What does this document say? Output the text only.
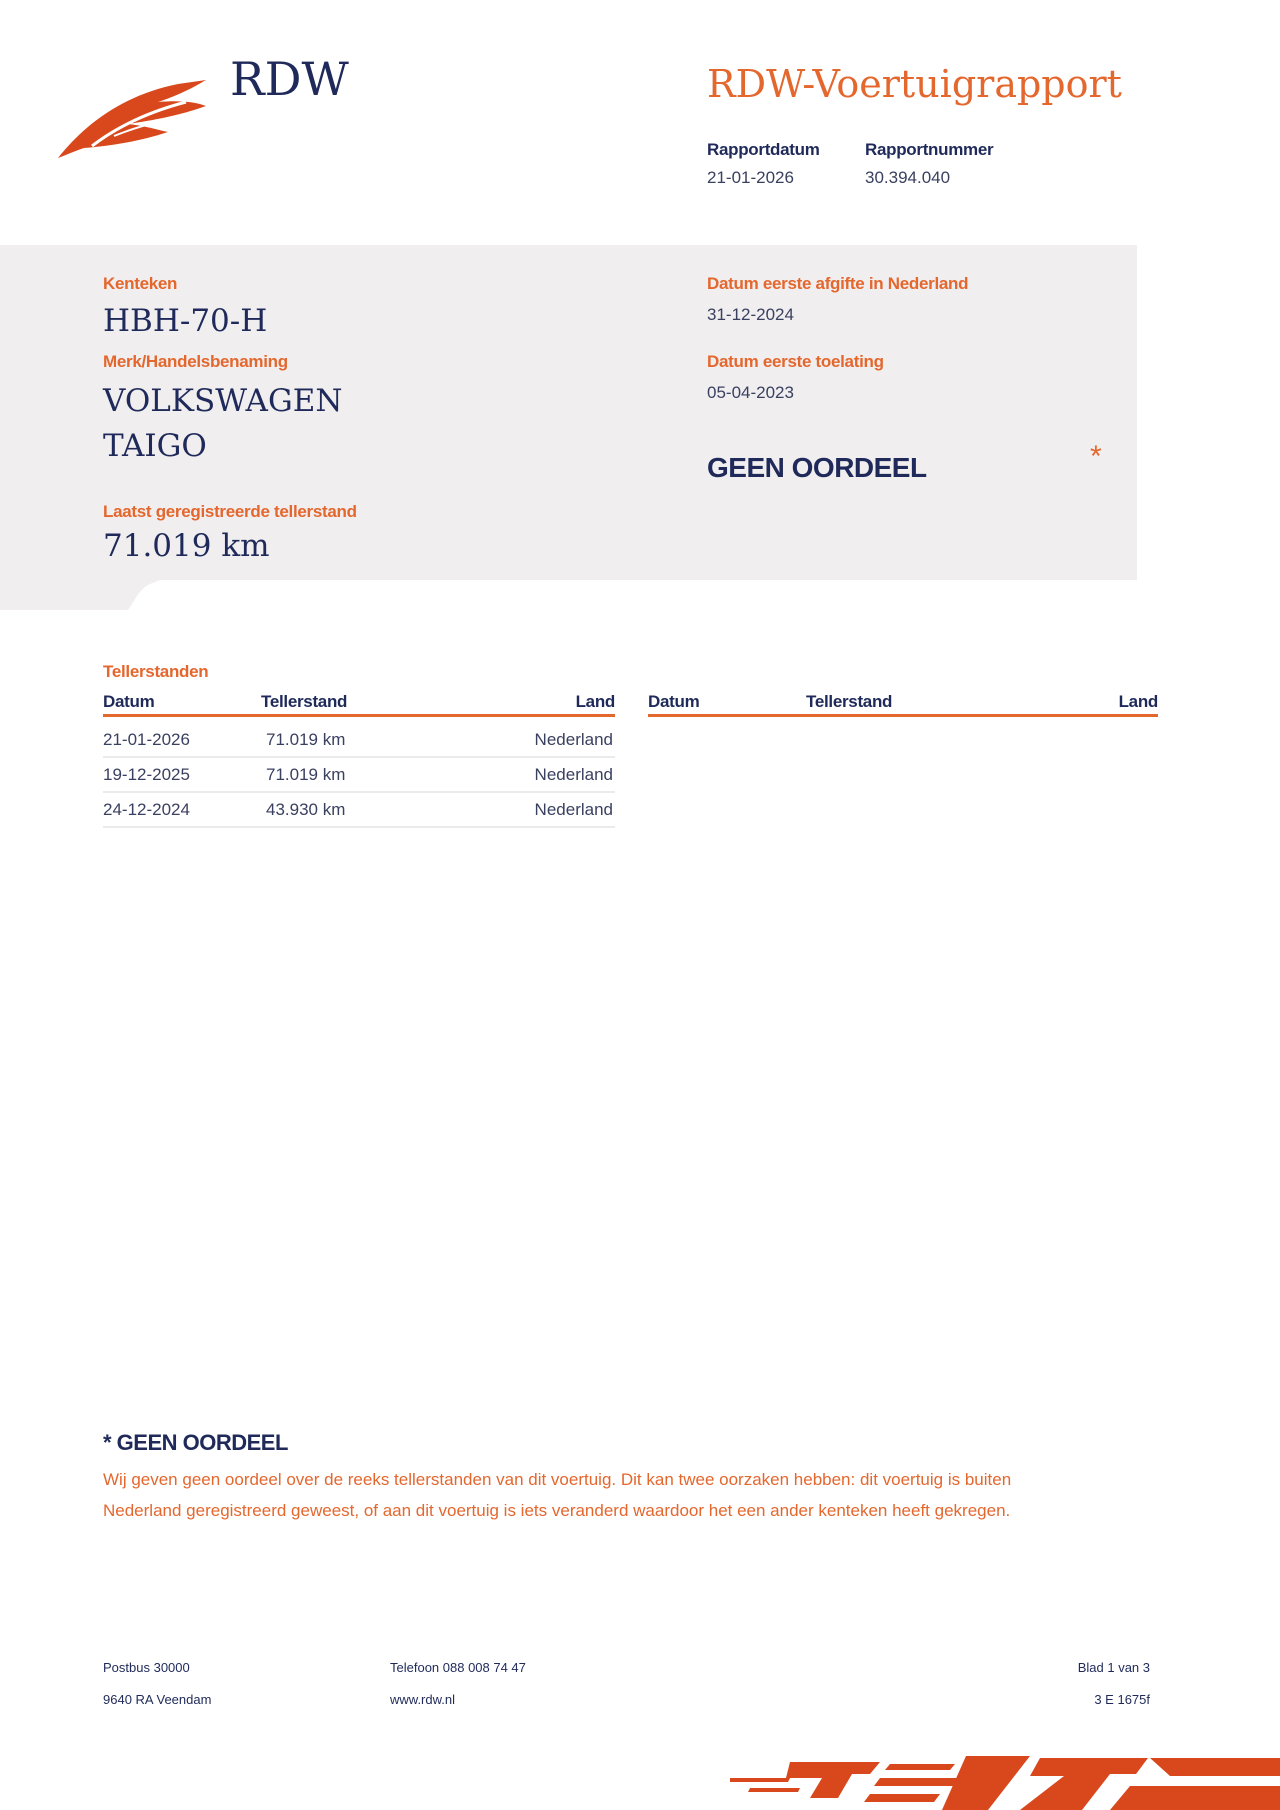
RDW	RDW-Voertuigrapport
Rapportdatum
21-01-2026
Rapportnummer
30.394.040
Kenteken
HBH-70-H
Merk/Handelsbenaming
VOLKSWAGEN
TAIGO
Laatst geregistreerde tellerstand
71.019 km
Datum eerste afgifte in Nederland
31-12-2024
Datum eerste toelating
05-04-2023
GEEN OORDEEL	*
Tellerstanden
Datum	Tellerstand	Land Datum	Tellerstand	Land
21-01-2026	71.019 km	Nederland
19-12-2025	71.019 km	Nederland
24-12-2024	43.930 km	Nederland
* GEEN OORDEEL
Wij geven geen oordeel over de reeks tellerstanden van dit voertuig. Dit kan twee oorzaken hebben: dit voertuig is buiten Nederland geregistreerd geweest, of aan dit voertuig is iets veranderd waardoor het een ander kenteken heeft gekregen.
Postbus 30000
9640 RA Veendam
Telefoon 088 008 74 47
www.rdw.nl
Blad 1 van 3
3 E 1675f
